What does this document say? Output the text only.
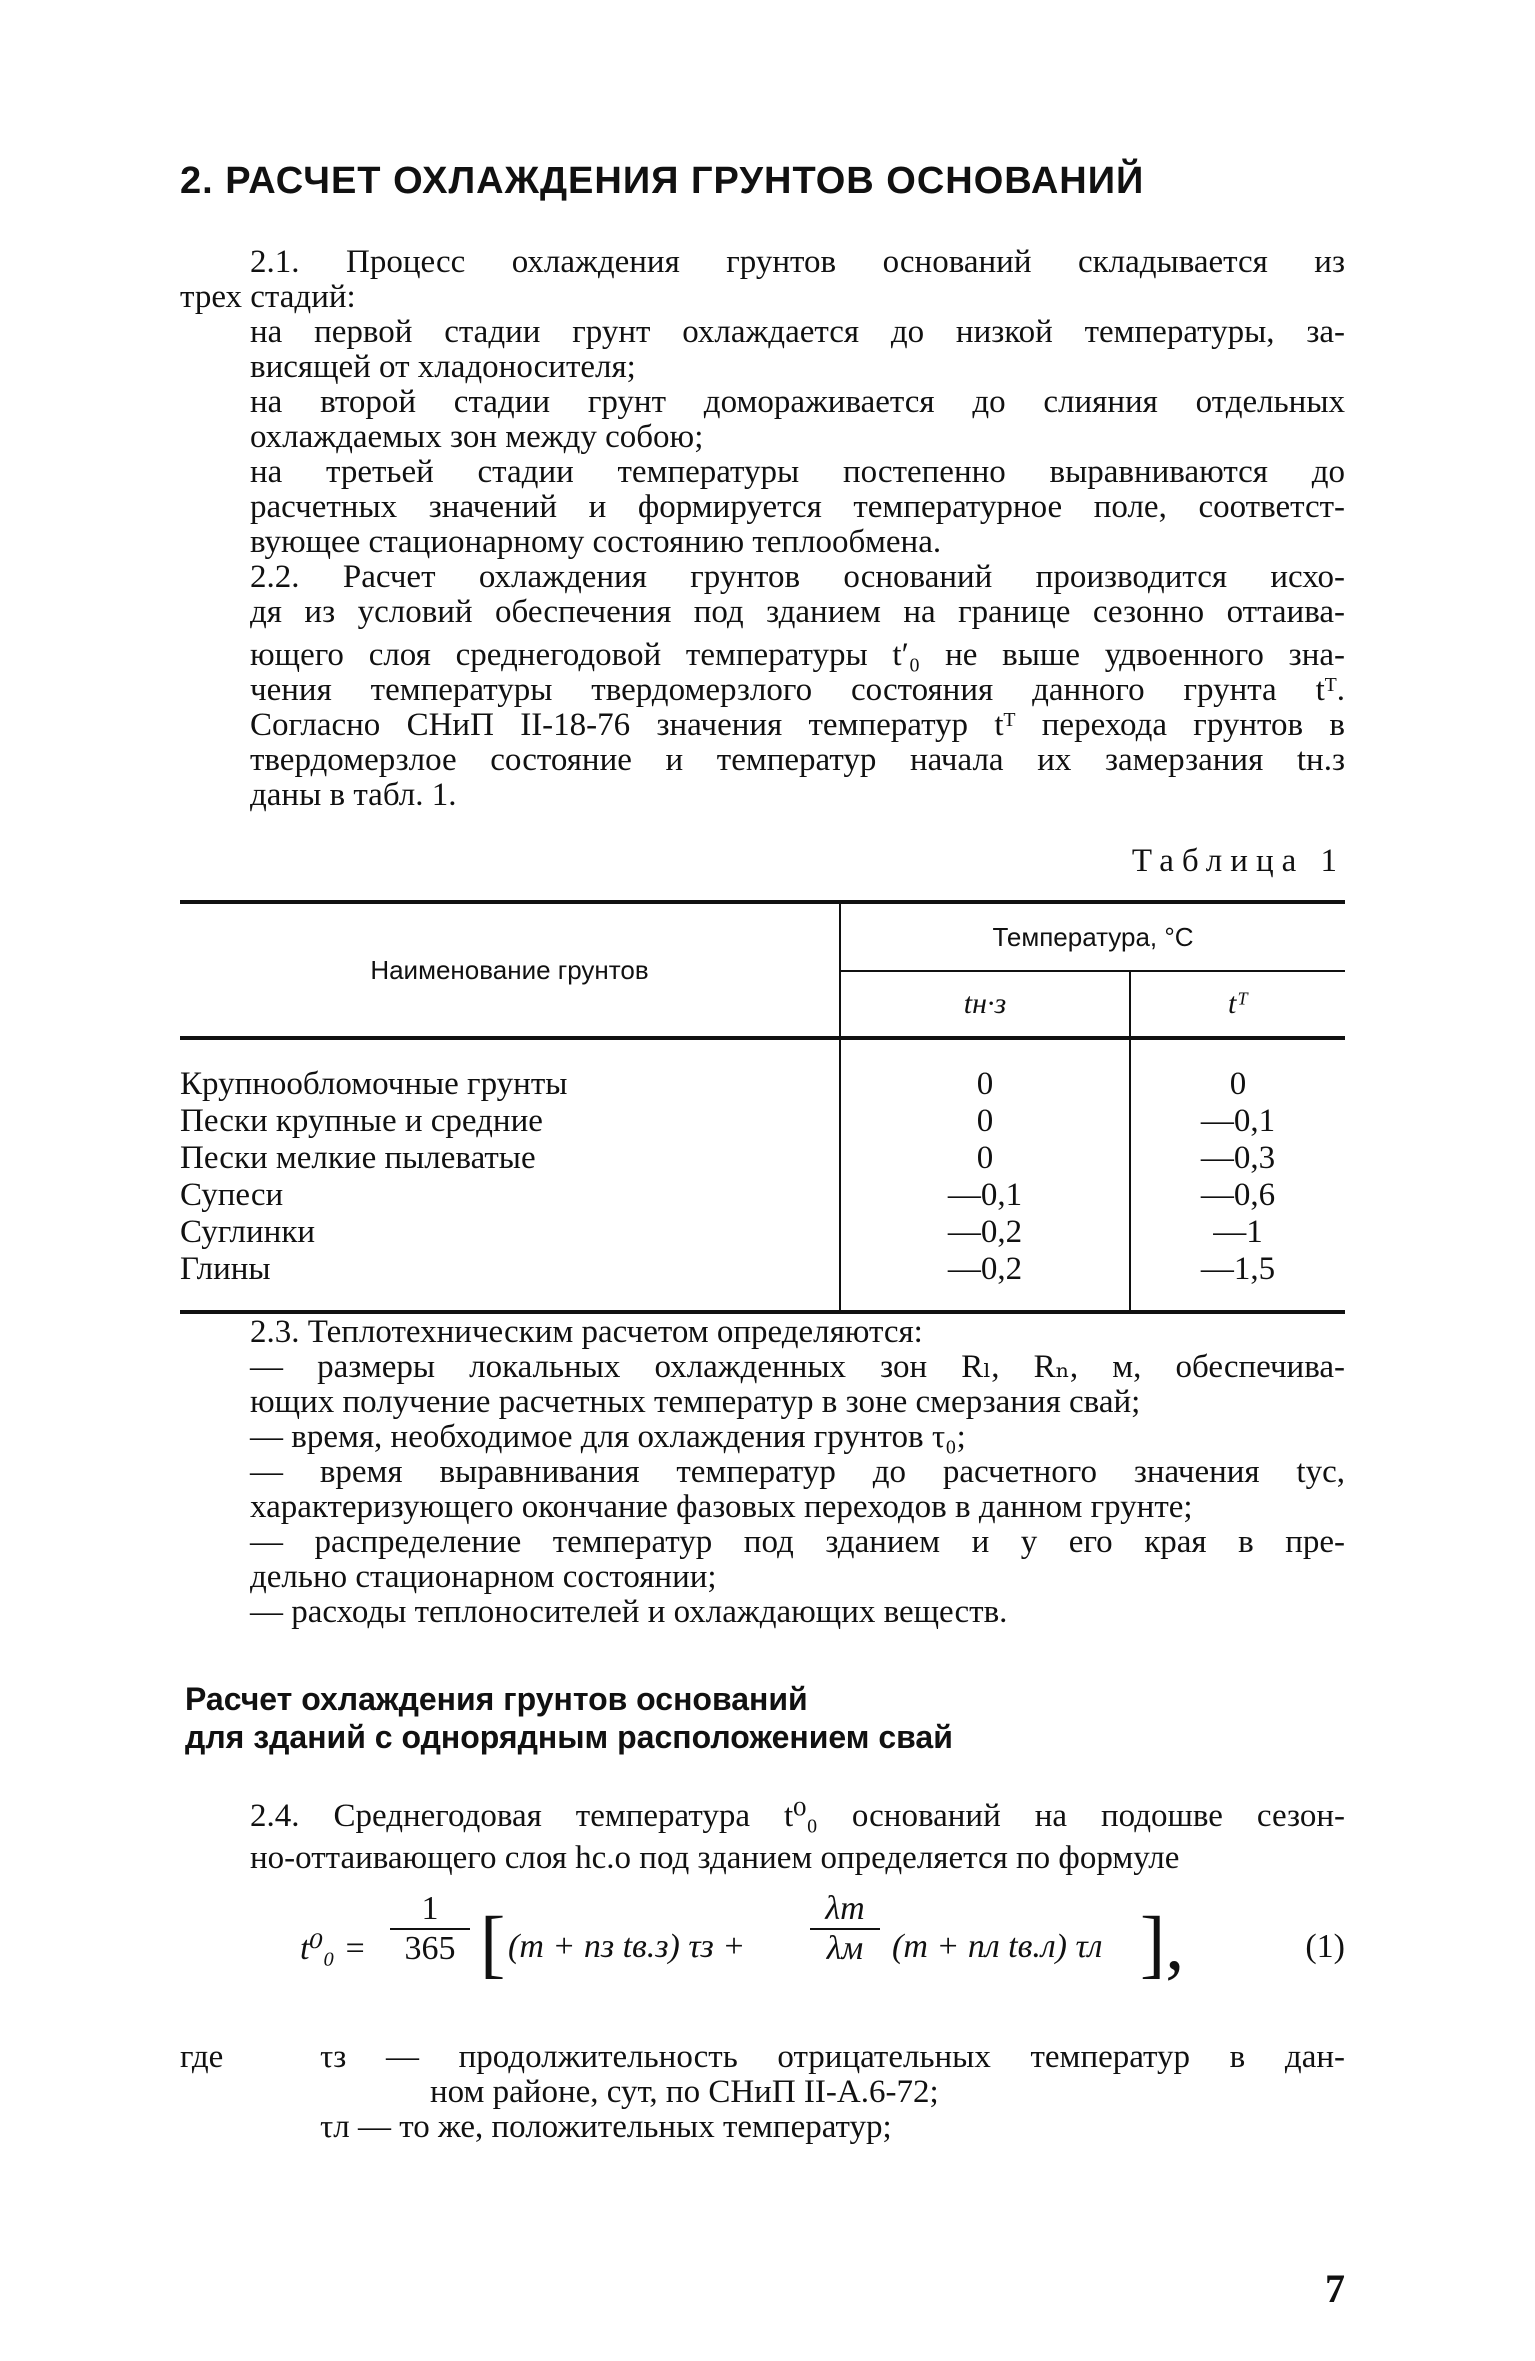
2. РАСЧЕТ ОХЛАЖДЕНИЯ ГРУНТОВ ОСНОВАНИЙ
2.1. Процесс охлаждения грунтов оснований складывается из
трех стадий:
на первой стадии грунт охлаждается до низкой температуры, за-
висящей от хладоносителя;
на второй стадии грунт домораживается до слияния отдельных
охлаждаемых зон между собою;
на третьей стадии температуры постепенно выравниваются до
расчетных значений и формируется температурное поле, соответст-
вующее стационарному состоянию теплообмена.
2.2. Расчет охлаждения грунтов оснований производится исхо-
дя из условий обеспечения под зданием на границе сезонно оттаива-
ющего слоя среднегодовой температуры t′₀ не выше удвоенного зна-
чения температуры твердомерзлого состояния данного грунта tᵀ.
Согласно СНиП II-18-76 значения температур tᵀ перехода грунтов в
твердомерзлое состояние и температур начала их замерзания tн.з
даны в табл. 1.
Таблица 1
Наименование грунтов	Температура, °С	
	tн·з	tᵀ

Крупнообломочные грунты	0	0
Пески крупные и средние	0	—0,1
Пески мелкие пылеватые	0	—0,3
Супеси	—0,1	—0,6
Суглинки	—0,2	—1
Глины	—0,2	—1,5

2.3. Теплотехническим расчетом определяются:
— размеры локальных охлажденных зон Rₗ, Rₙ, м, обеспечива-
ющих получение расчетных температур в зоне смерзания свай;
— время, необходимое для охлаждения грунтов τ₀;
— время выравнивания температур до расчетного значения tус,
характеризующего окончание фазовых переходов в данном грунте;
— распределение температур под зданием и у его края в пре-
дельно стационарном состоянии;
— расходы теплоносителей и охлаждающих веществ.
Расчет охлаждения грунтов оснований
для зданий с однорядным расположением свай
2.4. Среднегодовая температура t⁰₀ оснований на подошве сезон-
но-оттаивающего слоя hс.о под зданием определяется по формуле
$t^0_0 = \frac{1}{365}$ [ (m + nз tв.з) τз +
λт
λм (m + nл tв.л) τл ],	(1)
где	τз — продолжительность отрицательных температур в дан-
ном районе, сут, по СНиП II-А.6-72;
τл — то же, положительных температур;
7
